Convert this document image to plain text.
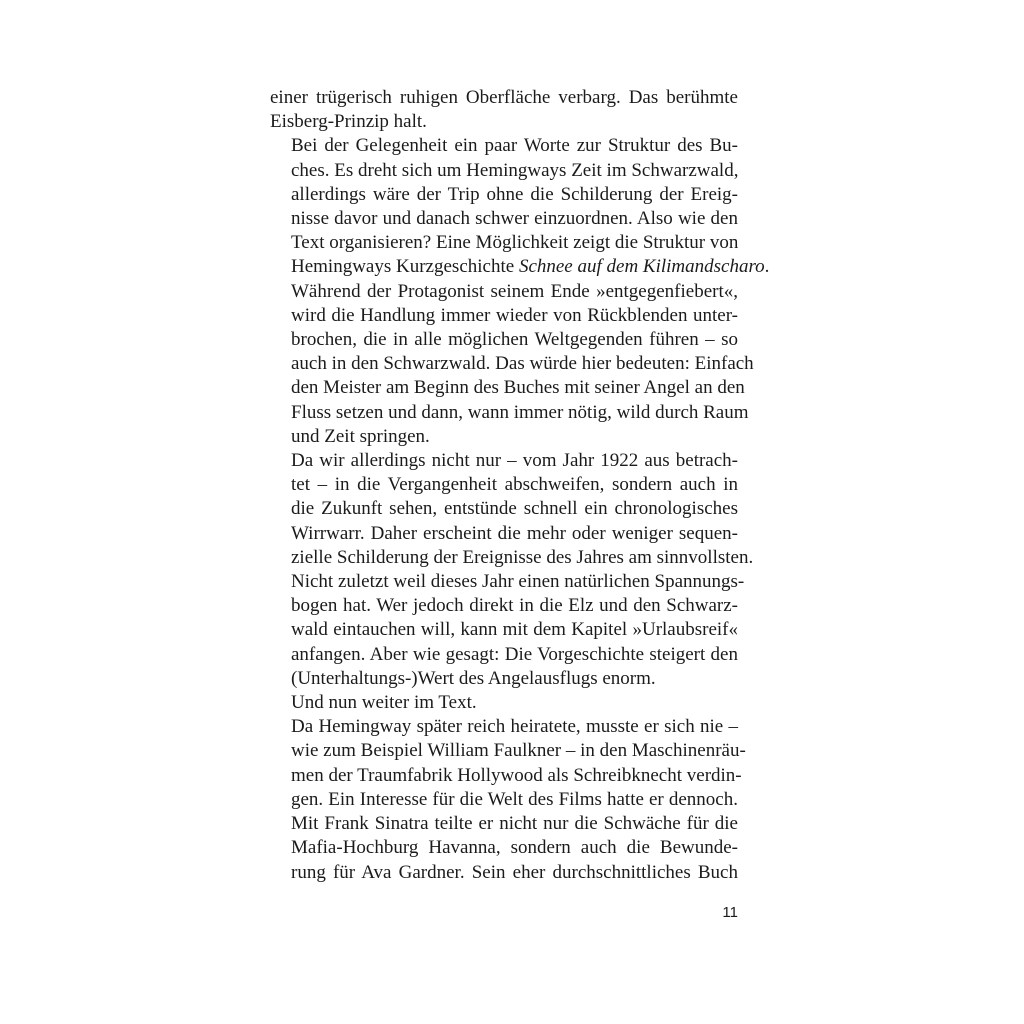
einer trügerisch ruhigen Oberfläche verbarg. Das berühmte
Eisberg-Prinzip halt.

Bei der Gelegenheit ein paar Worte zur Struktur des Bu-
ches. Es dreht sich um Hemingways Zeit im Schwarzwald,
allerdings wäre der Trip ohne die Schilderung der Ereig-
nisse davor und danach schwer einzuordnen. Also wie den
Text organisieren? Eine Möglichkeit zeigt die Struktur von
Hemingways Kurzgeschichte Schnee auf dem Kilimandscharo.
Während der Protagonist seinem Ende »entgegenfiebert«,
wird die Handlung immer wieder von Rückblenden unter-
brochen, die in alle möglichen Weltgegenden führen – so
auch in den Schwarzwald. Das würde hier bedeuten: Einfach
den Meister am Beginn des Buches mit seiner Angel an den
Fluss setzen und dann, wann immer nötig, wild durch Raum
und Zeit springen.

Da wir allerdings nicht nur – vom Jahr 1922 aus betrach-
tet – in die Vergangenheit abschweifen, sondern auch in
die Zukunft sehen, entstünde schnell ein chronologisches
Wirrwarr. Daher erscheint die mehr oder weniger sequen-
zielle Schilderung der Ereignisse des Jahres am sinnvollsten.
Nicht zuletzt weil dieses Jahr einen natürlichen Spannungs-
bogen hat. Wer jedoch direkt in die Elz und den Schwarz-
wald eintauchen will, kann mit dem Kapitel »Urlaubsreif«
anfangen. Aber wie gesagt: Die Vorgeschichte steigert den
(Unterhaltungs-)Wert des Angelausflugs enorm.

Und nun weiter im Text.

Da Hemingway später reich heiratete, musste er sich nie –
wie zum Beispiel William Faulkner – in den Maschinenräu-
men der Traumfabrik Hollywood als Schreibknecht verdin-
gen. Ein Interesse für die Welt des Films hatte er dennoch.
Mit Frank Sinatra teilte er nicht nur die Schwäche für die
Mafia-Hochburg Havanna, sondern auch die Bewunde-
rung für Ava Gardner. Sein eher durchschnittliches Buch

11
